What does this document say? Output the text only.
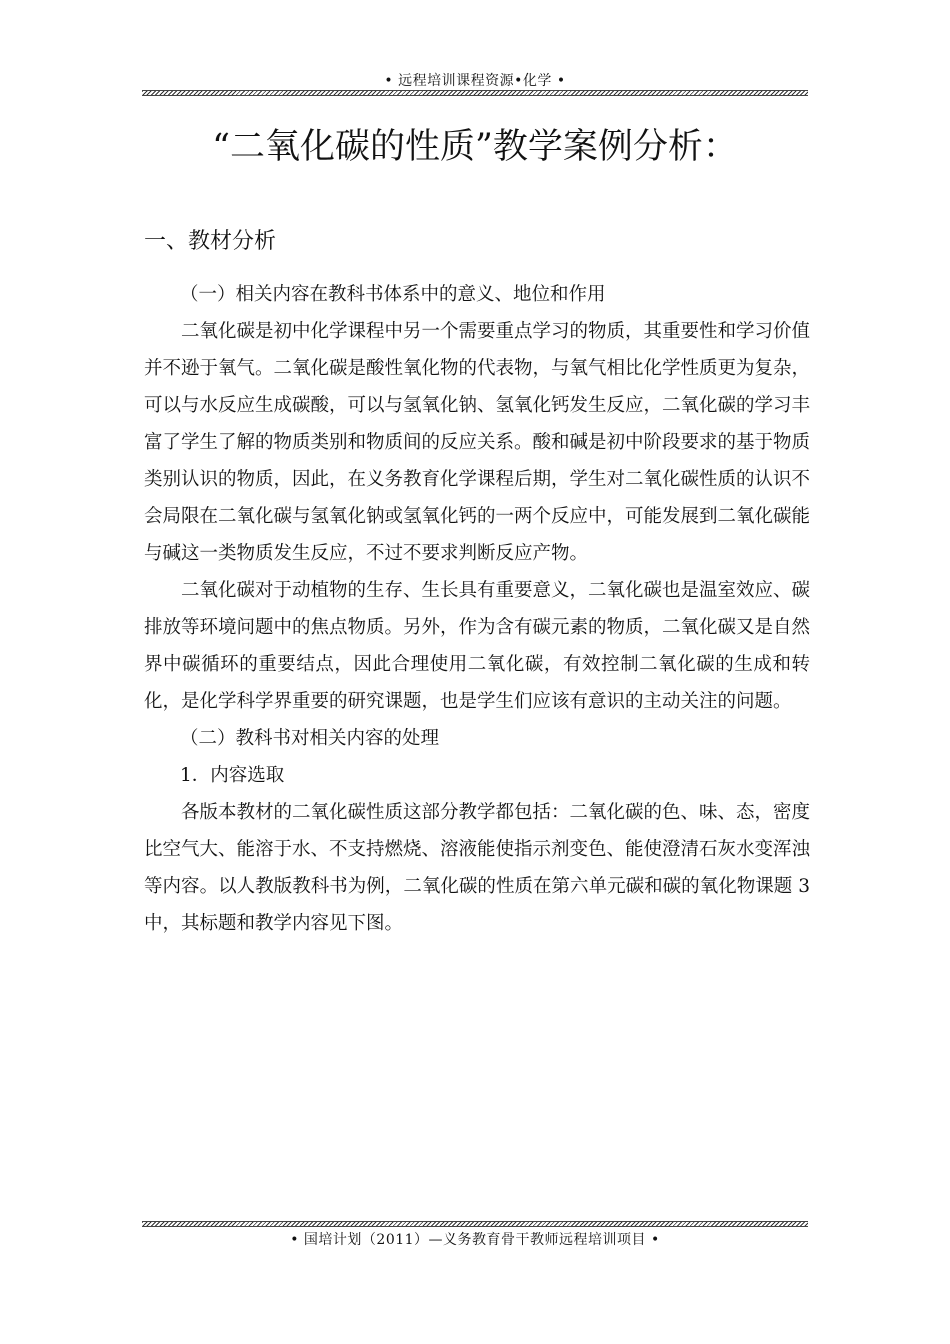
• 远程培训课程资源•化学 •
“二氧化碳的性质”教学案例分析：
一、教材分析

（一）相关内容在教科书体系中的意义、地位和作用

二氧化碳是初中化学课程中另一个需要重点学习的物质，其重要性和学习价值并不逊于氧气。二氧化碳是酸性氧化物的代表物，与氧气相比化学性质更为复杂，可以与水反应生成碳酸，可以与氢氧化钠、氢氧化钙发生反应，二氧化碳的学习丰富了学生了解的物质类别和物质间的反应关系。酸和碱是初中阶段要求的基于物质类别认识的物质，因此，在义务教育化学课程后期，学生对二氧化碳性质的认识不会局限在二氧化碳与氢氧化钠或氢氧化钙的一两个反应中，可能发展到二氧化碳能与碱这一类物质发生反应，不过不要求判断反应产物。

二氧化碳对于动植物的生存、生长具有重要意义，二氧化碳也是温室效应、碳排放等环境问题中的焦点物质。另外，作为含有碳元素的物质，二氧化碳又是自然界中碳循环的重要结点，因此合理使用二氧化碳，有效控制二氧化碳的生成和转化，是化学科学界重要的研究课题，也是学生们应该有意识的主动关注的问题。

（二）教科书对相关内容的处理

1．内容选取

各版本教材的二氧化碳性质这部分教学都包括：二氧化碳的色、味、态，密度比空气大、能溶于水、不支持燃烧、溶液能使指示剂变色、能使澄清石灰水变浑浊等内容。以人教版教科书为例，二氧化碳的性质在第六单元碳和碳的氧化物课题 3 中，其标题和教学内容见下图。

• 国培计划（2011）—义务教育骨干教师远程培训项目 •
